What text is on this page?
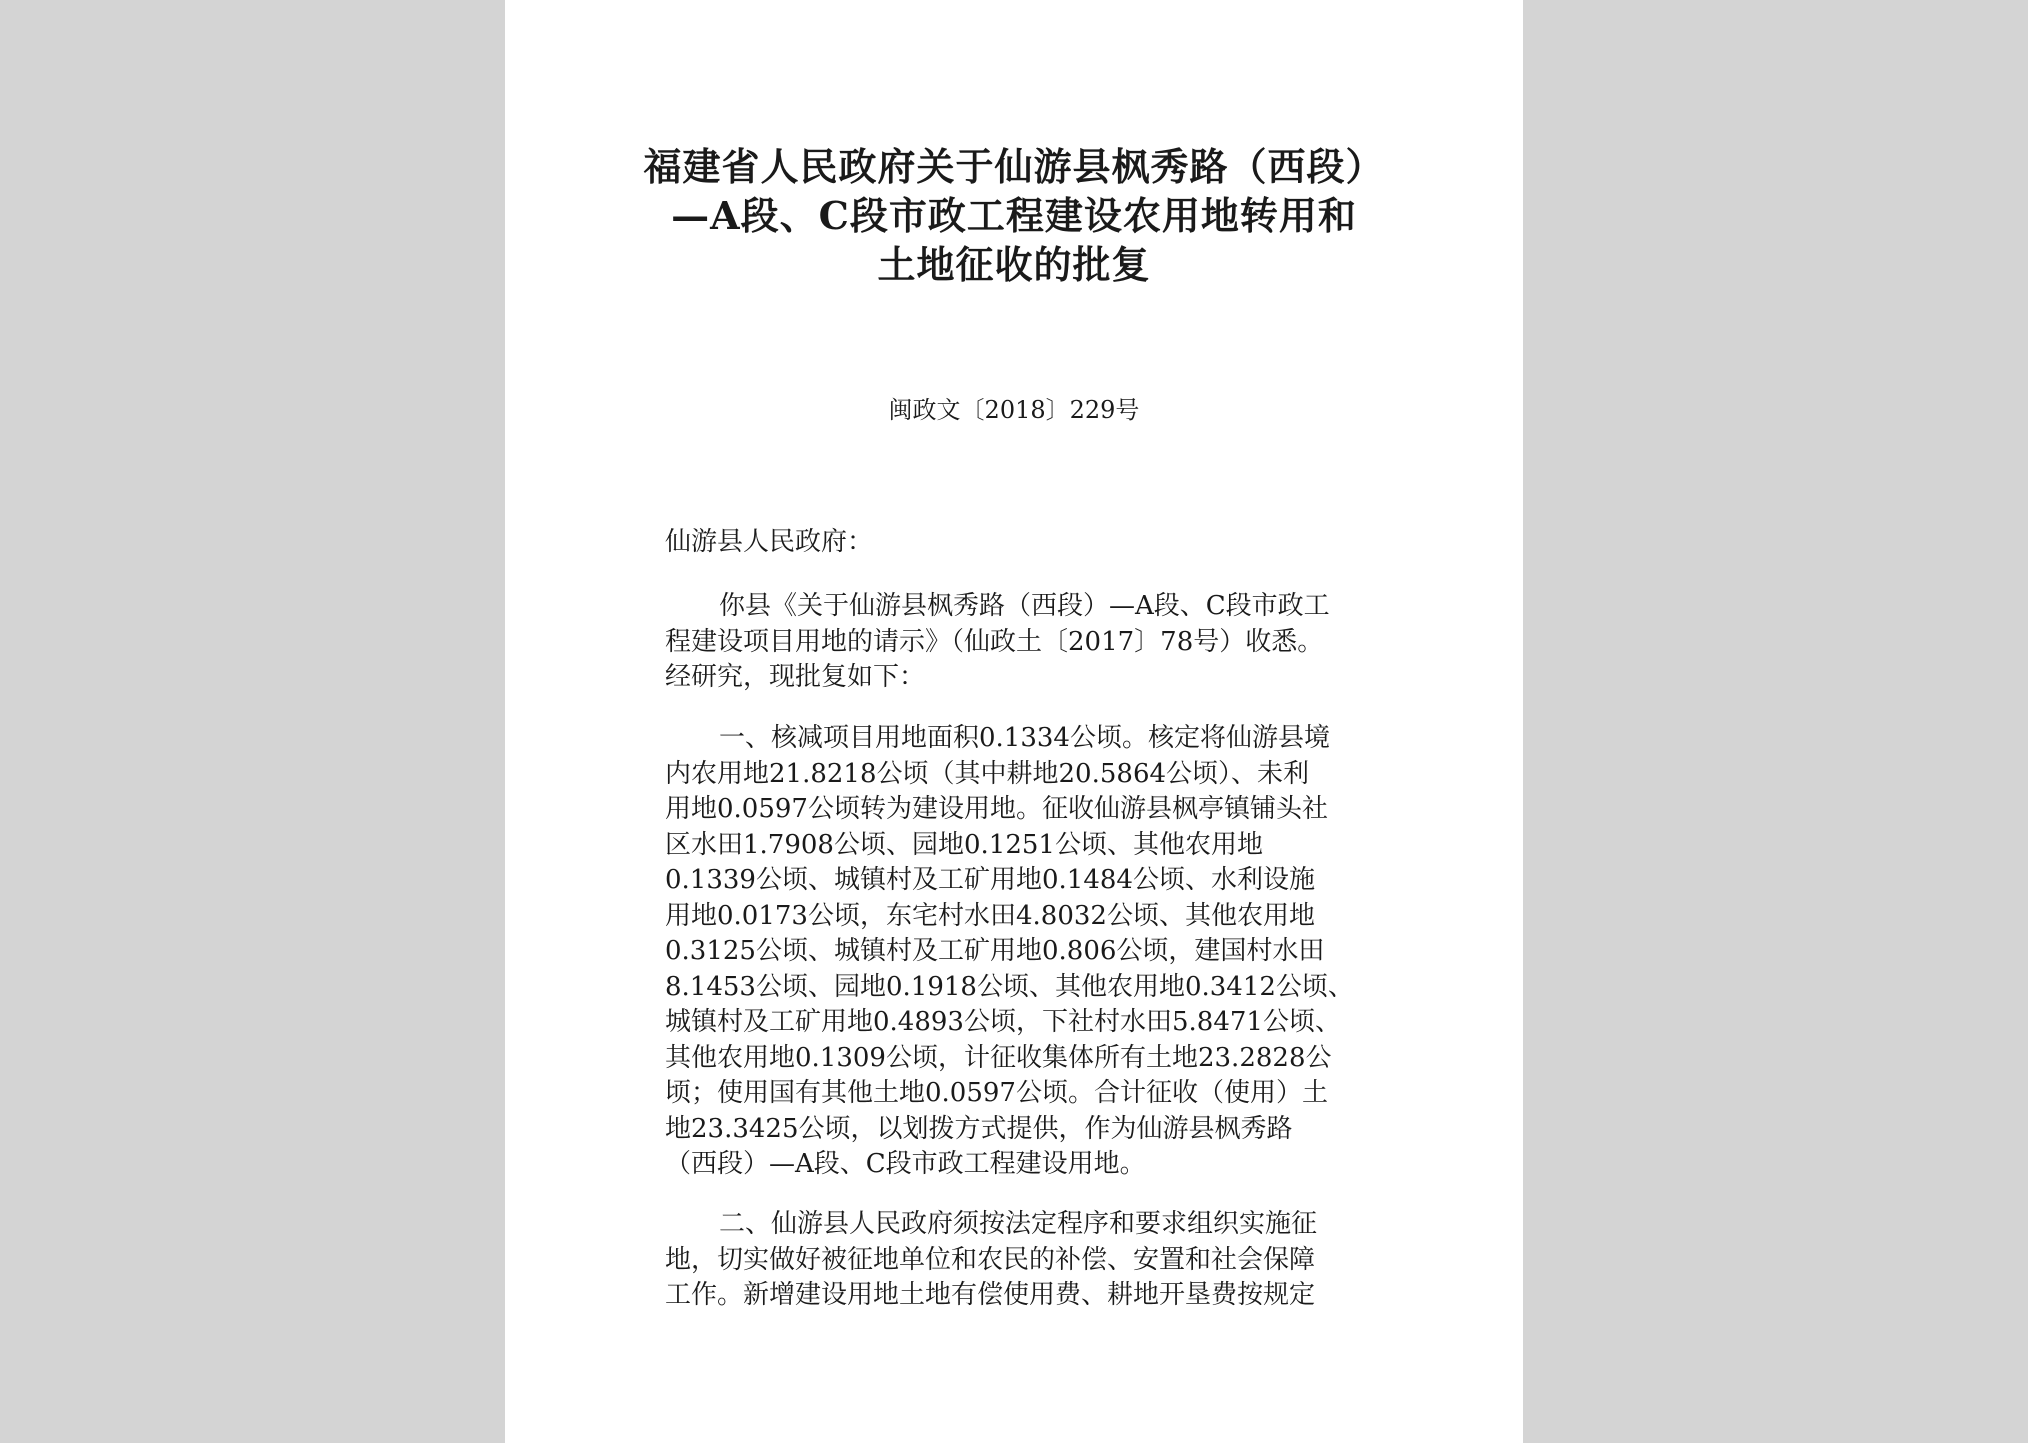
福建省人民政府关于仙游县枫秀路（西段）
—A段、C段市政工程建设农用地转用和
土地征收的批复
闽政文〔2018〕229号
仙游县人民政府：
你县《关于仙游县枫秀路（西段）—A段、C段市政工
程建设项目用地的请示》（仙政土〔2017〕78号）收悉。
经研究，现批复如下：
一、核减项目用地面积0.1334公顷。核定将仙游县境
内农用地21.8218公顷（其中耕地20.5864公顷）、未利
用地0.0597公顷转为建设用地。征收仙游县枫亭镇铺头社
区水田1.7908公顷、园地0.1251公顷、其他农用地
0.1339公顷、城镇村及工矿用地0.1484公顷、水利设施
用地0.0173公顷，东宅村水田4.8032公顷、其他农用地
0.3125公顷、城镇村及工矿用地0.806公顷，建国村水田
8.1453公顷、园地0.1918公顷、其他农用地0.3412公顷、
城镇村及工矿用地0.4893公顷，下社村水田5.8471公顷、
其他农用地0.1309公顷，计征收集体所有土地23.2828公
顷；使用国有其他土地0.0597公顷。合计征收（使用）土
地23.3425公顷，以划拨方式提供，作为仙游县枫秀路
（西段）—A段、C段市政工程建设用地。
二、仙游县人民政府须按法定程序和要求组织实施征
地，切实做好被征地单位和农民的补偿、安置和社会保障
工作。新增建设用地土地有偿使用费、耕地开垦费按规定
